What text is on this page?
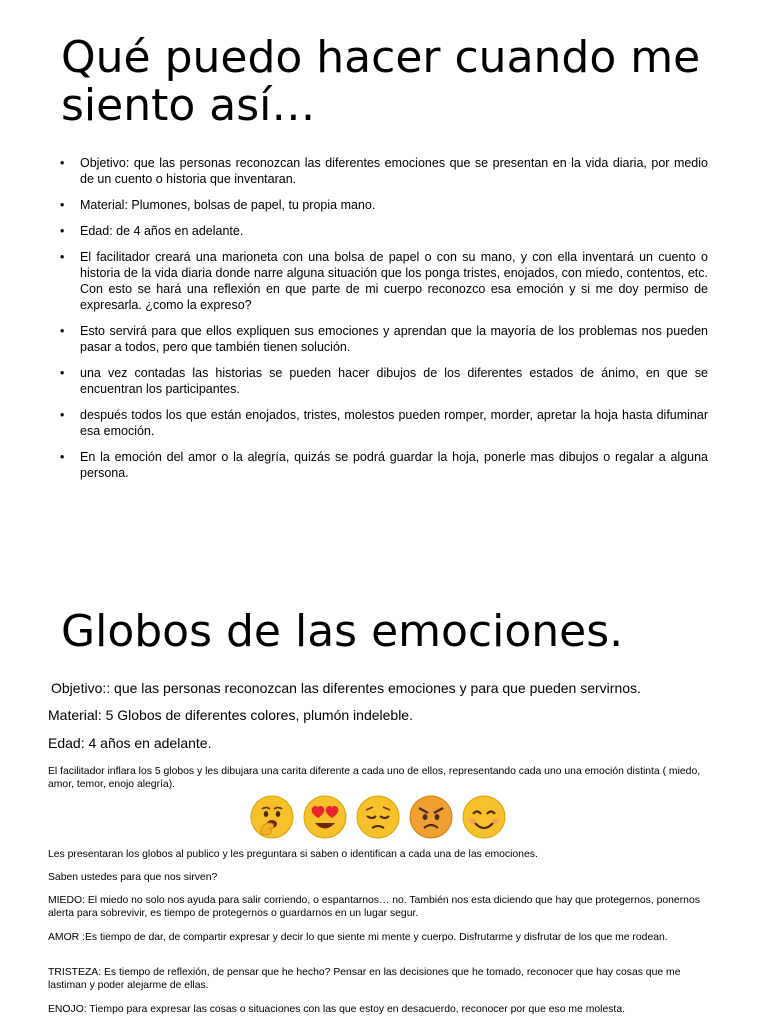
Qué puedo hacer cuando me siento así…
• Objetivo: que las personas reconozcan las diferentes emociones que se presentan en la vida diaria, por medio de un cuento o historia que inventaran.
• Material: Plumones, bolsas de papel, tu propia mano.
• Edad: de 4 años en adelante.
• El facilitador creará una marioneta con una bolsa de papel o con su mano, y con ella inventará un cuento o historia de la vida diaria donde narre alguna situación que los ponga tristes, enojados, con miedo, contentos, etc. Con esto se hará una reflexión en que parte de mi cuerpo reconozco esa emoción y si me doy permiso de expresarla. ¿como la expreso?
• Esto servirá para que ellos expliquen sus emociones y aprendan que la mayoría de los problemas nos pueden pasar a todos, pero que también tienen solución.
• una vez contadas las historias se pueden hacer dibujos de los diferentes estados de ánimo, en que se encuentran los participantes.
• después todos los que están enojados, tristes, molestos pueden romper, morder, apretar la hoja hasta difuminar esa emoción.
• En la emoción del amor o la alegría, quizás se podrá guardar la hoja, ponerle mas dibujos o regalar a alguna persona.
Globos de las emociones.
Objetivo:: que las personas reconozcan las diferentes emociones y para que pueden servirnos.
Material: 5 Globos de diferentes colores, plumón indeleble.
Edad: 4 años en adelante.
El facilitador inflara los 5 globos y les dibujara una carita diferente a cada uno de ellos, representando cada uno una emoción distinta ( miedo, amor, temor, enojo alegría).
Les presentaran los globos al publico y les preguntara si saben o identifican a cada una de las emociones.
Saben ustedes para que nos sirven?
MIEDO: El miedo no solo nos ayuda para salir corriendo, o espantarnos… no. También nos esta diciendo que hay que protegernos, ponernos alerta para sobrevivir, es tiempo de protegernos o guardarnos en un lugar segur.
AMOR :Es tiempo de dar, de compartir expresar y decir lo que siente mi mente y cuerpo. Disfrutarme y disfrutar de los que me rodean.
TRISTEZA: Es tiempo de reflexión, de pensar que he hecho? Pensar en las decisiones que he tomado, reconocer que hay cosas que me lastiman y poder alejarme de ellas.
ENOJO: Tiempo para expresar las cosas o situaciones con las que estoy en desacuerdo, reconocer por que eso me molesta.
